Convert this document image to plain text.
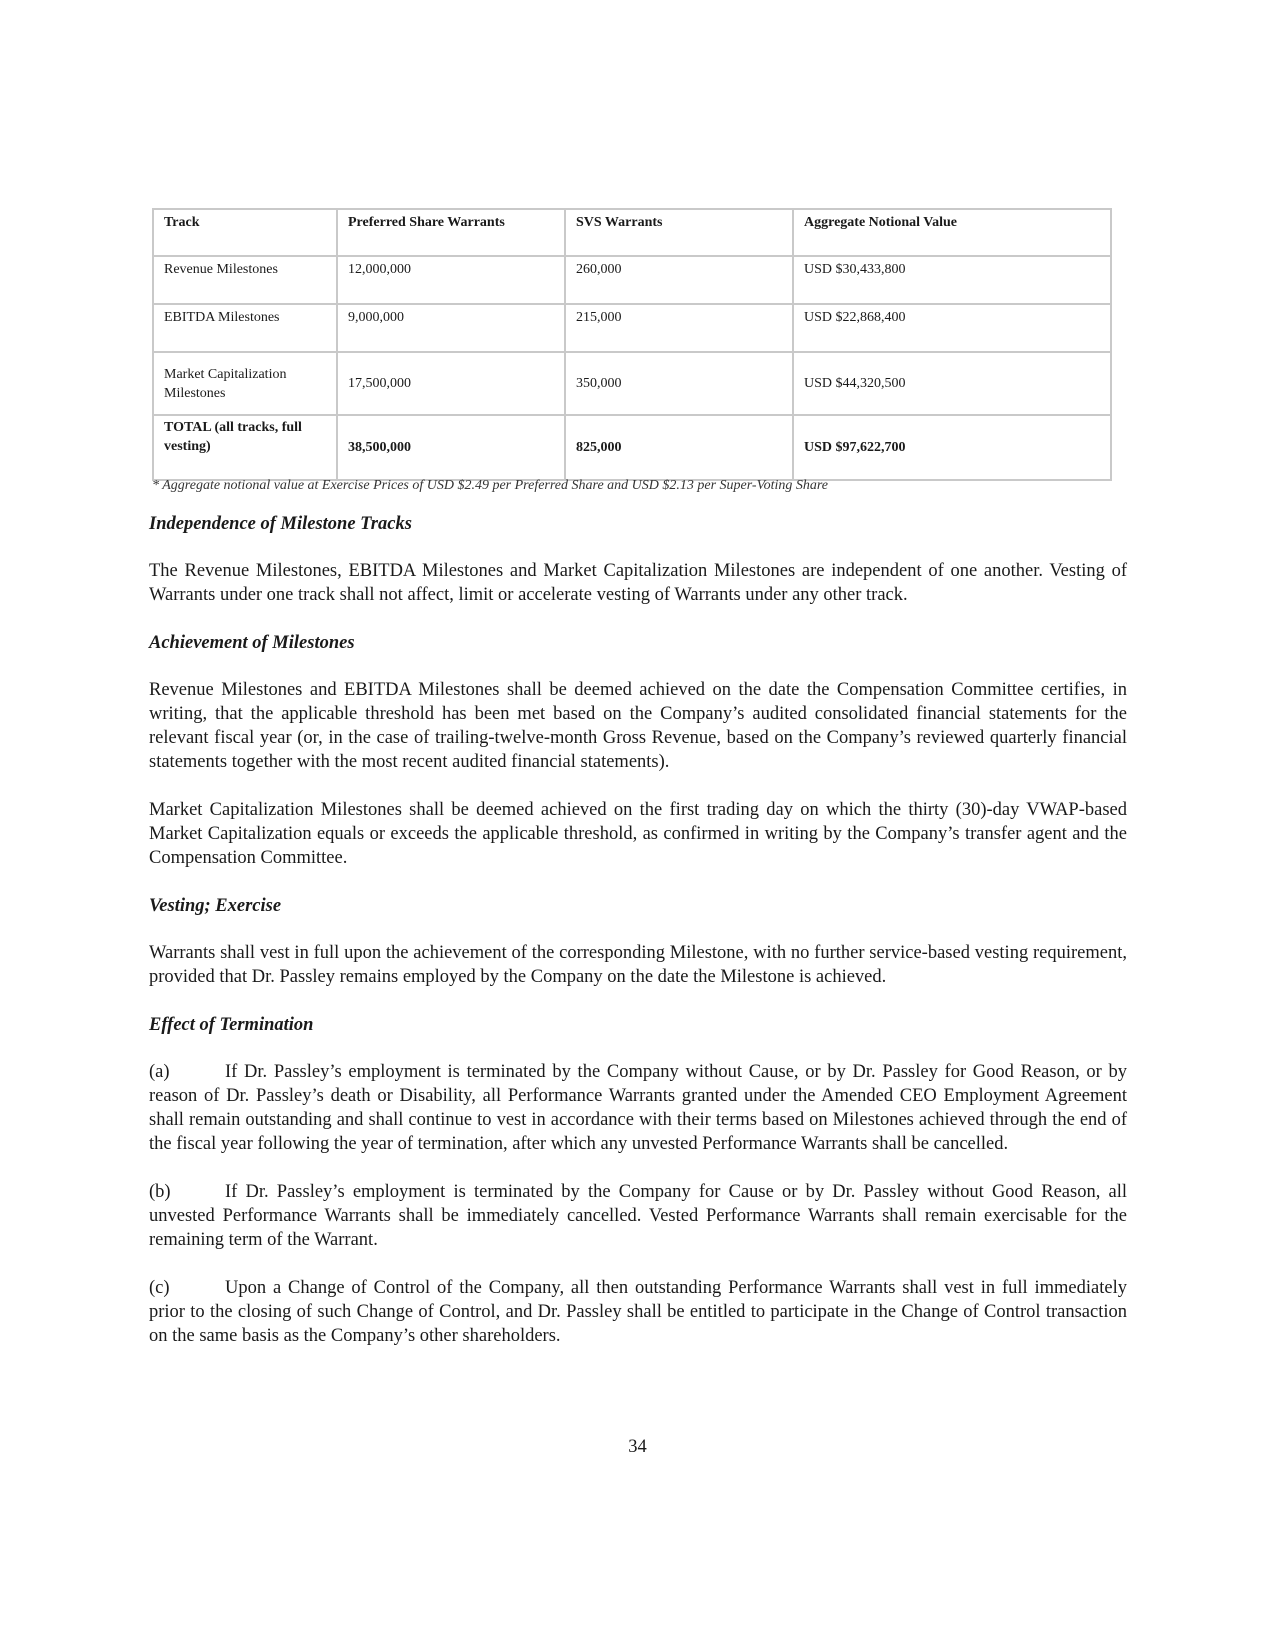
Track	Preferred Share Warrants	SVS Warrants	Aggregate Notional Value
Revenue Milestones	12,000,000	260,000	USD $30,433,800
EBITDA Milestones	9,000,000	215,000	USD $22,868,400
Market Capitalization Milestones	17,500,000	350,000	USD $44,320,500
TOTAL (all tracks, full vesting)	38,500,000	825,000	USD $97,622,700
* Aggregate notional value at Exercise Prices of USD $2.49 per Preferred Share and USD $2.13 per Super-Voting Share
Independence of Milestone Tracks

The Revenue Milestones, EBITDA Milestones and Market Capitalization Milestones are independent of one another. Vesting of Warrants under one track shall not affect, limit or accelerate vesting of Warrants under any other track.

Achievement of Milestones

Revenue Milestones and EBITDA Milestones shall be deemed achieved on the date the Compensation Committee certifies, in writing, that the applicable threshold has been met based on the Company’s audited consolidated financial statements for the relevant fiscal year (or, in the case of trailing-twelve-month Gross Revenue, based on the Company’s reviewed quarterly financial statements together with the most recent audited financial statements).

Market Capitalization Milestones shall be deemed achieved on the first trading day on which the thirty (30)-day VWAP-based Market Capitalization equals or exceeds the applicable threshold, as confirmed in writing by the Company’s transfer agent and the Compensation Committee.

Vesting; Exercise

Warrants shall vest in full upon the achievement of the corresponding Milestone, with no further service-based vesting requirement, provided that Dr. Passley remains employed by the Company on the date the Milestone is achieved.

Effect of Termination

(a)	If Dr. Passley’s employment is terminated by the Company without Cause, or by Dr. Passley for Good Reason, or by reason of Dr. Passley’s death or Disability, all Performance Warrants granted under the Amended CEO Employment Agreement shall remain outstanding and shall continue to vest in accordance with their terms based on Milestones achieved through the end of the fiscal year following the year of termination, after which any unvested Performance Warrants shall be cancelled.

(b)	If Dr. Passley’s employment is terminated by the Company for Cause or by Dr. Passley without Good Reason, all unvested Performance Warrants shall be immediately cancelled. Vested Performance Warrants shall remain exercisable for the remaining term of the Warrant.

(c)	Upon a Change of Control of the Company, all then outstanding Performance Warrants shall vest in full immediately prior to the closing of such Change of Control, and Dr. Passley shall be entitled to participate in the Change of Control transaction on the same basis as the Company’s other shareholders.

34
